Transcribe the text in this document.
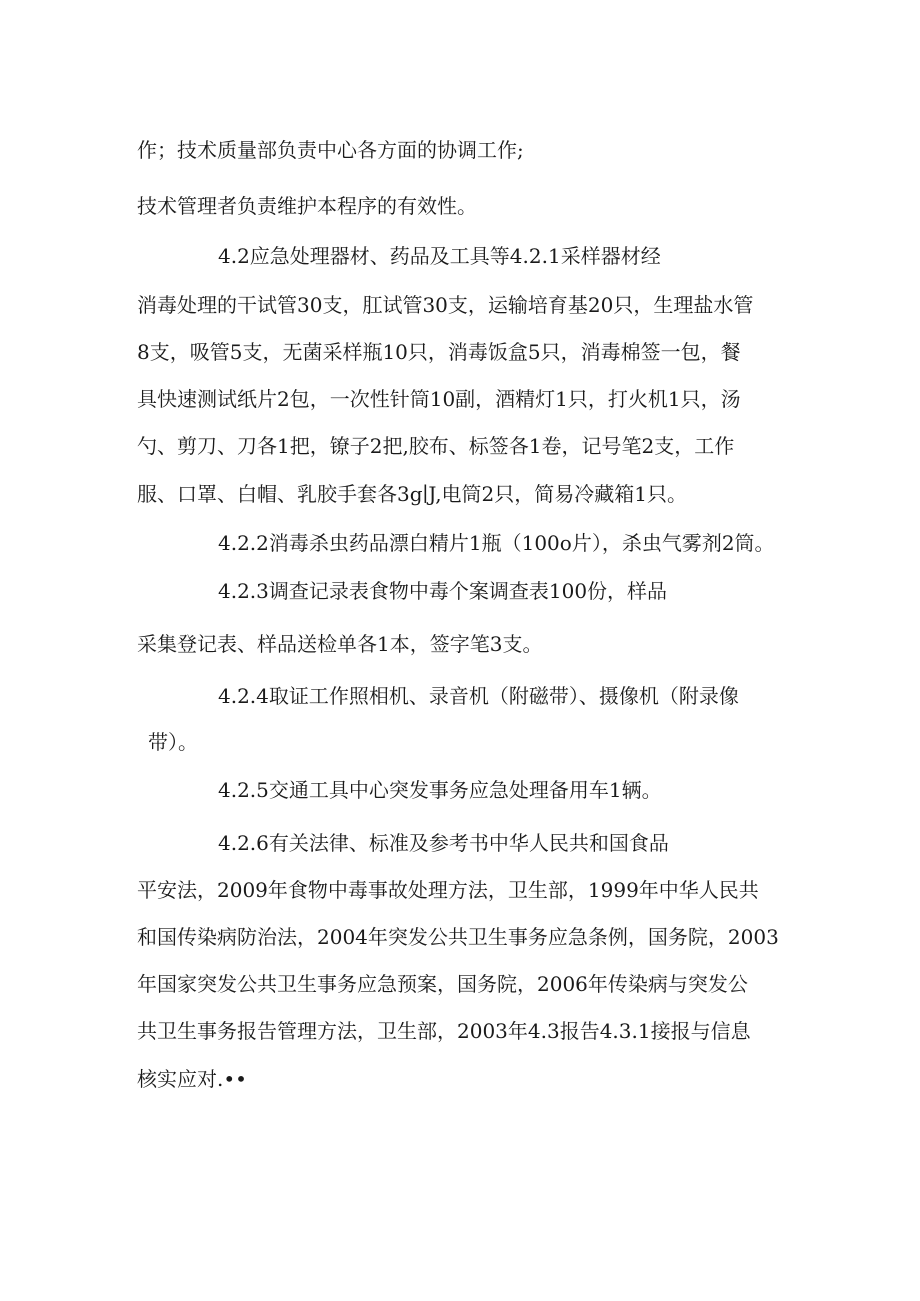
作；技术质量部负责中心各方面的协调工作;
技术管理者负责维护本程序的有效性。
4.2应急处理器材、药品及工具等4.2.1采样器材经
消毒处理的干试管30支，肛试管30支，运输培育基20只，生理盐水管
8支，吸管5支，无菌采样瓶10只，消毒饭盒5只，消毒棉签一包，餐
具快速测试纸片2包，一次性针筒10副，酒精灯1只，打火机1只，汤
勺、剪刀、刀各1把，镣子2把,胶布、标签各1卷，记号笔2支，工作
服、口罩、白帽、乳胶手套各3g∣J,电筒2只，简易冷藏箱1只。
4.2.2消毒杀虫药品漂白精片1瓶（100o片），杀虫气雾剂2筒。
4.2.3调查记录表食物中毒个案调查表100份，样品
采集登记表、样品送检单各1本，签字笔3支。
4.2.4取证工作照相机、录音机（附磁带）、摄像机（附录像
带）。
4.2.5交通工具中心突发事务应急处理备用车1辆。
4.2.6有关法律、标准及参考书中华人民共和国食品
平安法，2009年食物中毒事故处理方法，卫生部，1999年中华人民共
和国传染病防治法，2004年突发公共卫生事务应急条例，国务院，2003
年国家突发公共卫生事务应急预案，国务院，2006年传染病与突发公
共卫生事务报告管理方法，卫生部，2003年4.3报告4.3.1接报与信息
核实应对.••
